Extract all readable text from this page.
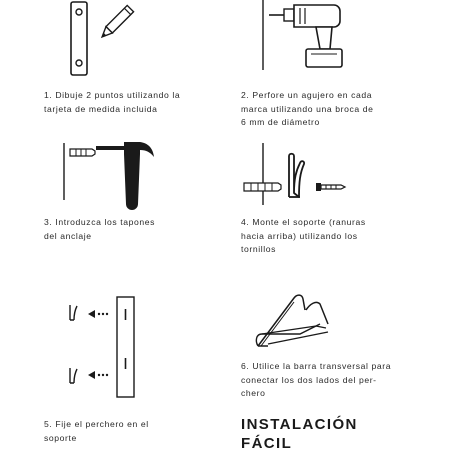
1. Dibuje 2 puntos utilizando la
tarjeta de medida incluida
2. Perfore un agujero en cada
marca utilizando una broca de
6 mm de diámetro
3. Introduzca los tapones
del anclaje
4. Monte el soporte (ranuras
hacia arriba) utilizando los
tornillos
5. Fije el perchero en el
soporte
6. Utilice la barra transversal para
conectar los dos lados del per-
chero
INSTALACIÓN
FÁCIL
